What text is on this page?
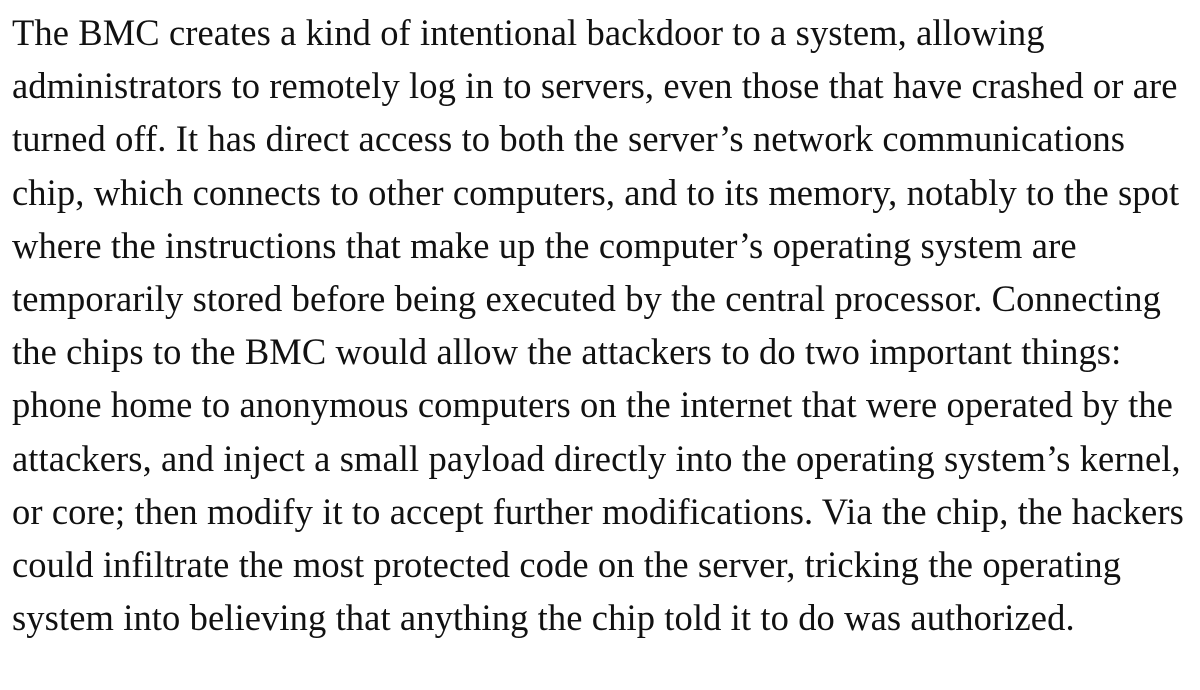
The BMC creates a kind of intentional backdoor to a system, allowing administrators to remotely log in to servers, even those that have crashed or are turned off. It has direct access to both the server’s network communications chip, which connects to other computers, and to its memory, notably to the spot where the instructions that make up the computer’s operating system are temporarily stored before being executed by the central processor. Connecting the chips to the BMC would allow the attackers to do two important things: phone home to anonymous computers on the internet that were operated by the attackers, and inject a small payload directly into the operating system’s kernel, or core; then modify it to accept further modifications. Via the chip, the hackers could infiltrate the most protected code on the server, tricking the operating system into believing that anything the chip told it to do was authorized.
